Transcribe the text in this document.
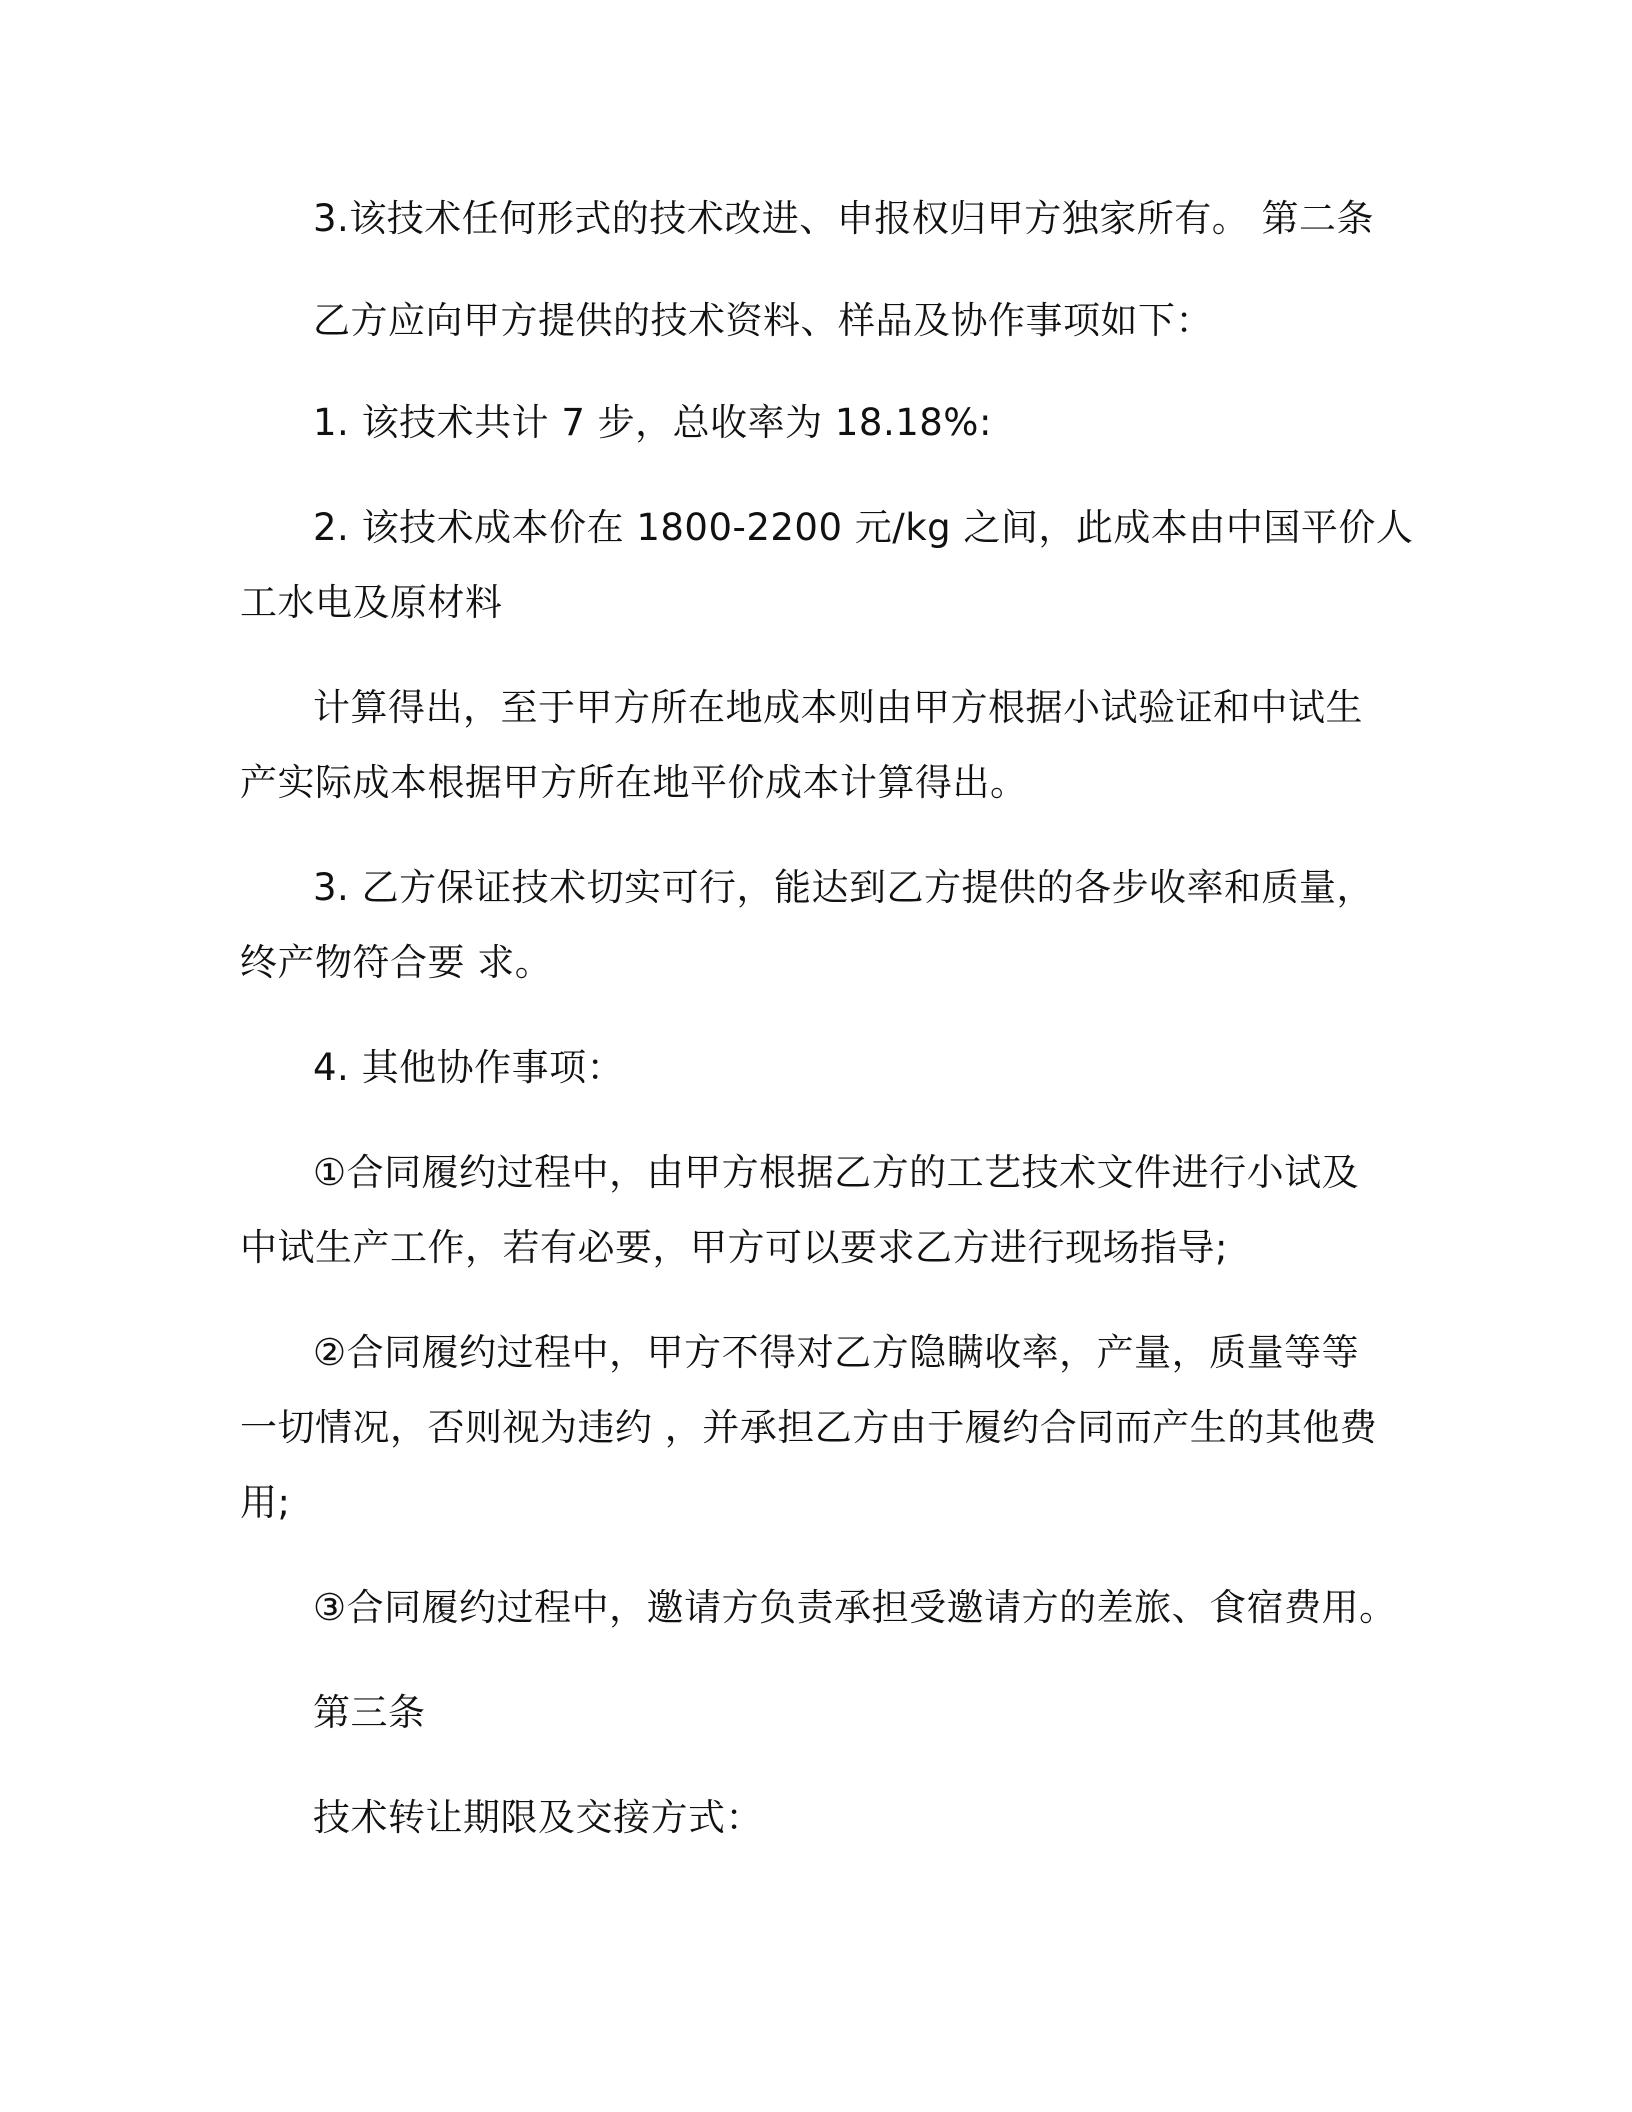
3.该技术任何形式的技术改进、申报权归甲方独家所有。 第二条
乙方应向甲方提供的技术资料、样品及协作事项如下：
1. 该技术共计 7 步，总收率为 18.18%:
2. 该技术成本价在 1800-2200 元/kg 之间，此成本由中国平价人
工水电及原材料
计算得出，至于甲方所在地成本则由甲方根据小试验证和中试生
产实际成本根据甲方所在地平价成本计算得出。
3. 乙方保证技术切实可行，能达到乙方提供的各步收率和质量，
终产物符合要 求。
4. 其他协作事项：
①合同履约过程中，由甲方根据乙方的工艺技术文件进行小试及
中试生产工作，若有必要，甲方可以要求乙方进行现场指导;
②合同履约过程中，甲方不得对乙方隐瞒收率，产量，质量等等
一切情况，否则视为违约 ，并承担乙方由于履约合同而产生的其他费
用;
③合同履约过程中，邀请方负责承担受邀请方的差旅、食宿费用。
第三条
技术转让期限及交接方式：
